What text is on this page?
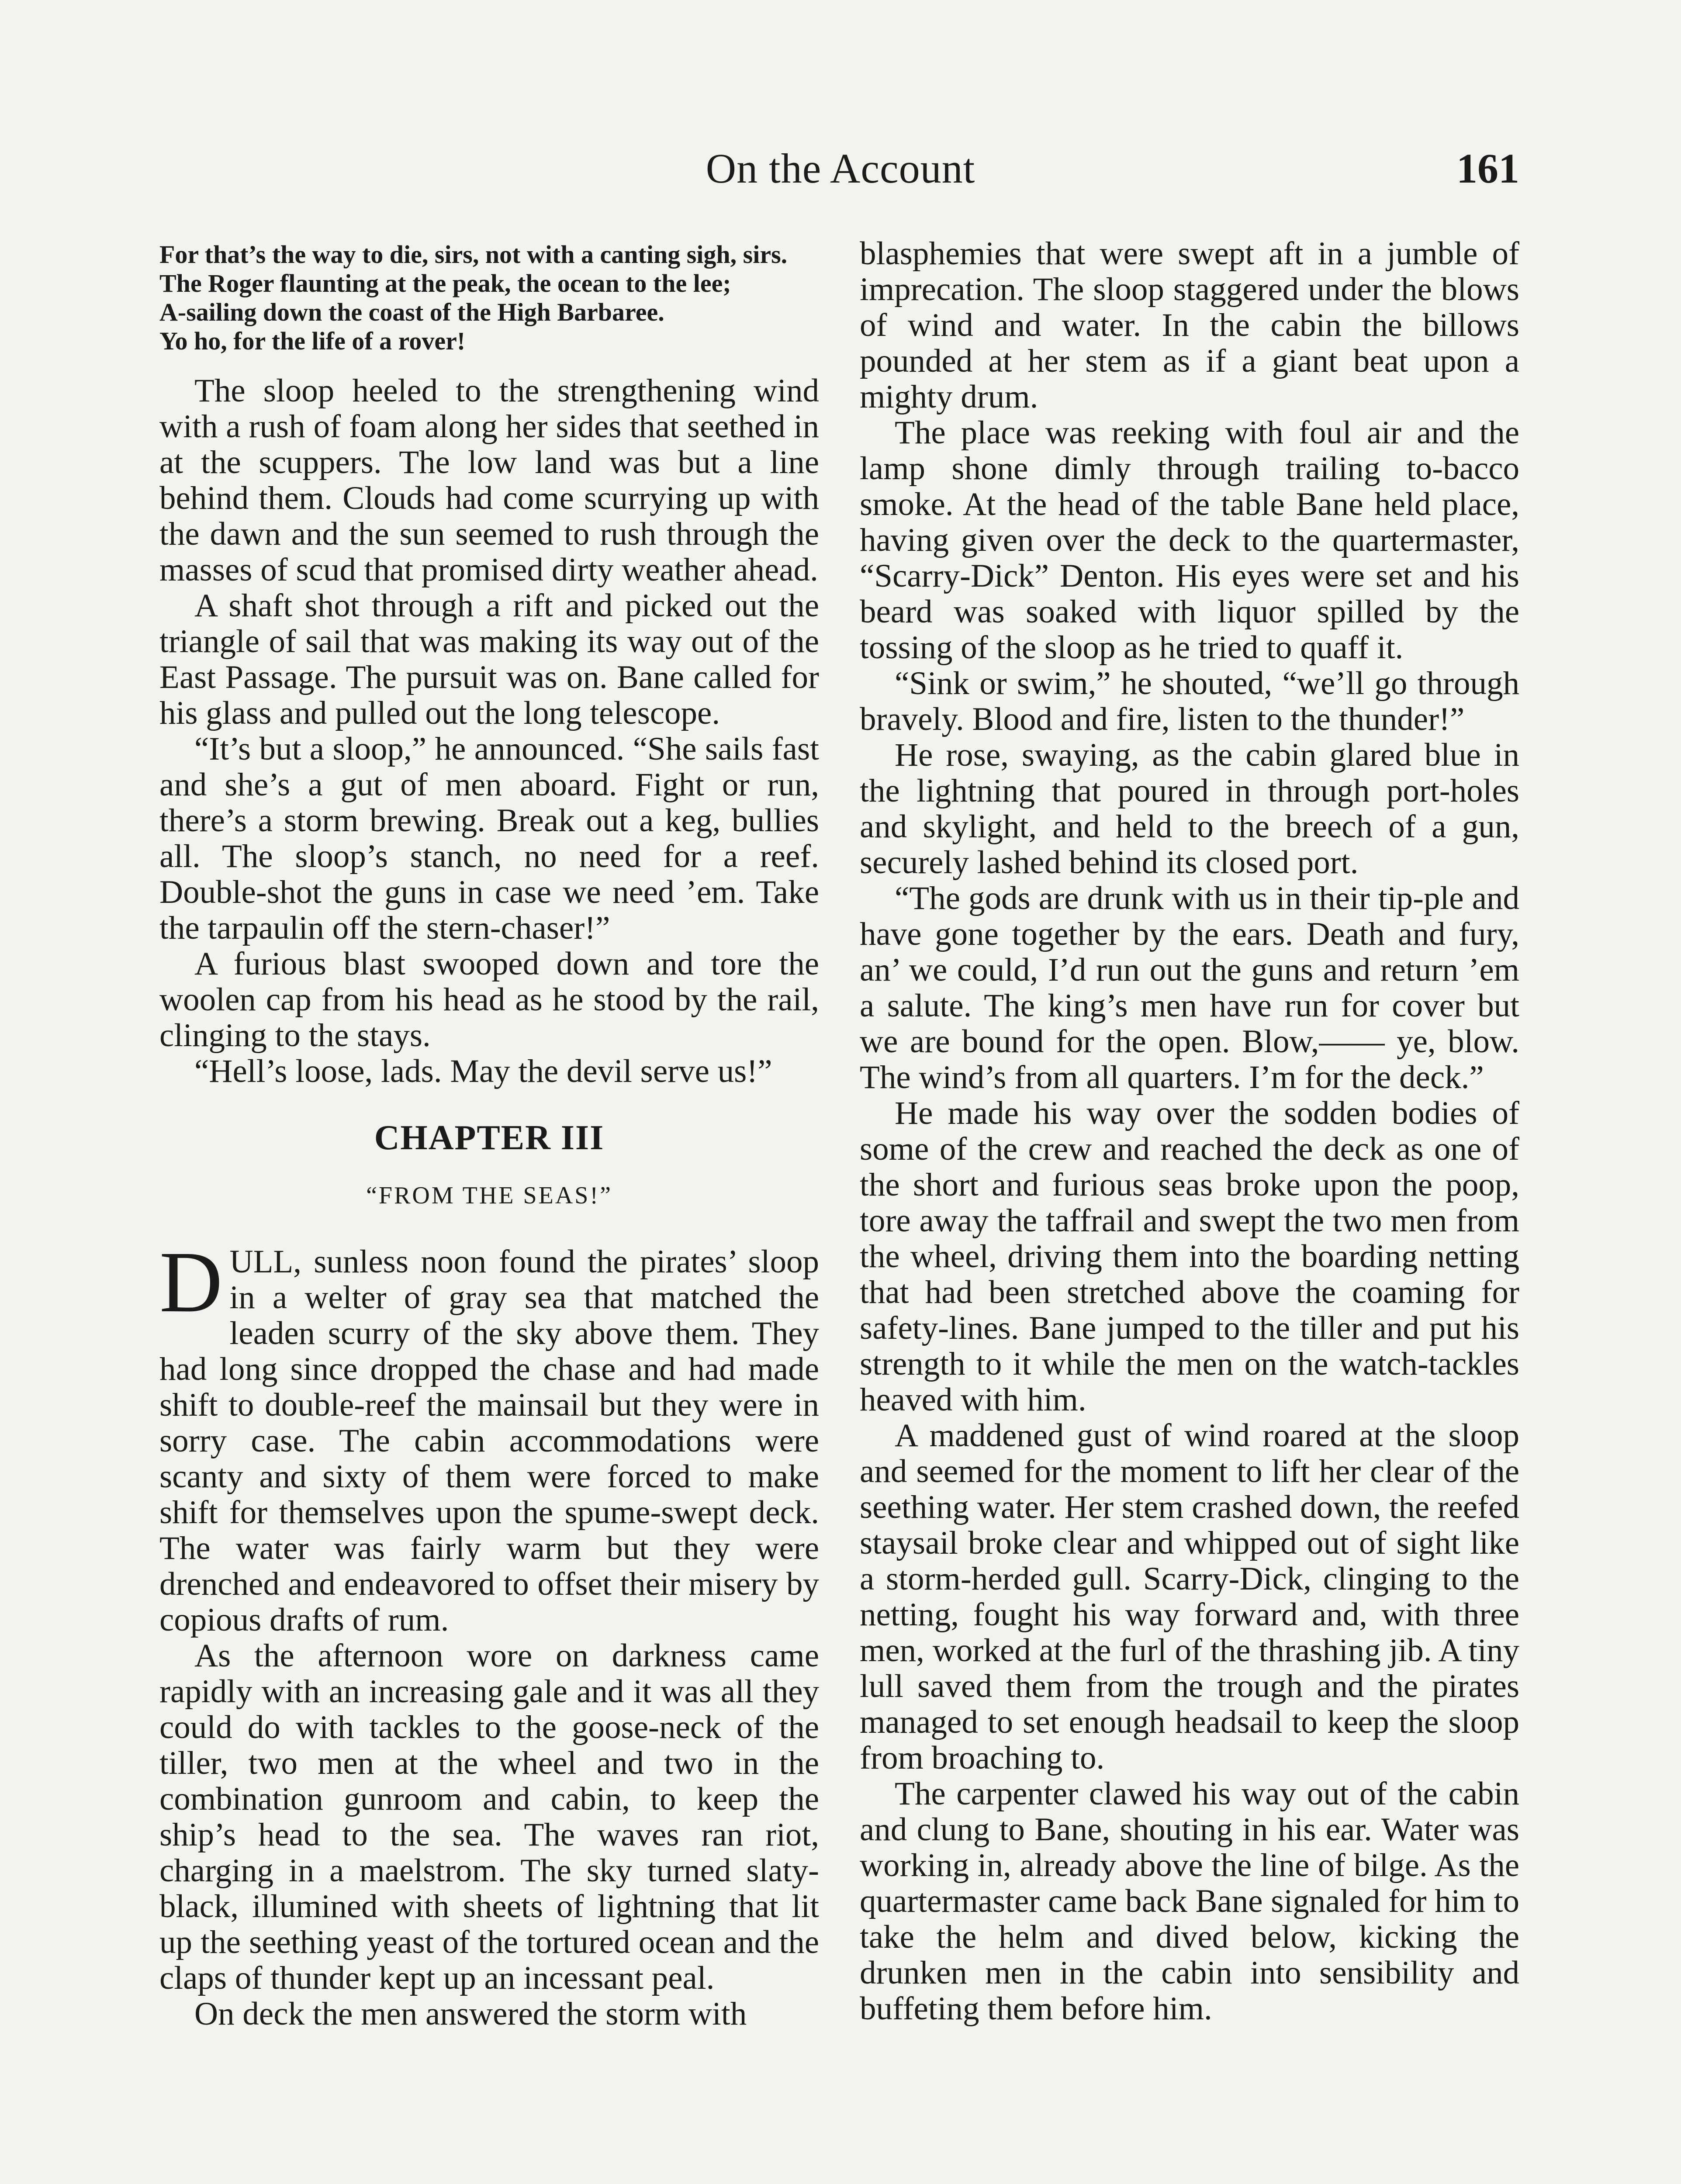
On the Account	161
For that’s the way to die, sirs, not with a canting sigh, sirs.
The Roger flaunting at the peak, the ocean to the lee;
A-sailing down the coast of the High Barbaree.
Yo ho, for the life of a rover!

The sloop heeled to the strengthening wind with a rush of foam along her sides that seethed in at the scuppers. The low land was but a line behind them. Clouds had come scurrying up with the dawn and the sun seemed to rush through the masses of scud that promised dirty weather ahead.

A shaft shot through a rift and picked out the triangle of sail that was making its way out of the East Passage. The pursuit was on. Bane called for his glass and pulled out the long telescope.

“It’s but a sloop,” he announced. “She sails fast and she’s a gut of men aboard. Fight or run, there’s a storm brewing. Break out a keg, bullies all. The sloop’s stanch, no need for a reef. Double-shot the guns in case we need ’em. Take the tarpaulin off the stern-chaser!”

A furious blast swooped down and tore the woolen cap from his head as he stood by the rail, clinging to the stays.

“Hell’s loose, lads. May the devil serve us!”

CHAPTER III
“FROM THE SEAS!”

DULL, sunless noon found the pirates’ sloop in a welter of gray sea that matched the leaden scurry of the sky above them. They had long since dropped the chase and had made shift to double-reef the mainsail but they were in sorry case. The cabin accommodations were scanty and sixty of them were forced to make shift for themselves upon the spume-swept deck. The water was fairly warm but they were drenched and endeavored to offset their misery by copious drafts of rum.

As the afternoon wore on darkness came rapidly with an increasing gale and it was all they could do with tackles to the goose-neck of the tiller, two men at the wheel and two in the combination gunroom and cabin, to keep the ship’s head to the sea. The waves ran riot, charging in a maelstrom. The sky turned slaty-black, illumined with sheets of lightning that lit up the seething yeast of the tortured ocean and the claps of thunder kept up an incessant peal.

On deck the men answered the storm with

blasphemies that were swept aft in a jumble of imprecation. The sloop staggered under the blows of wind and water. In the cabin the billows pounded at her stem as if a giant beat upon a mighty drum.

The place was reeking with foul air and the lamp shone dimly through trailing to-bacco smoke. At the head of the table Bane held place, having given over the deck to the quartermaster, “Scarry-Dick” Denton. His eyes were set and his beard was soaked with liquor spilled by the tossing of the sloop as he tried to quaff it.

“Sink or swim,” he shouted, “we’ll go through bravely. Blood and fire, listen to the thunder!”

He rose, swaying, as the cabin glared blue in the lightning that poured in through port-holes and skylight, and held to the breech of a gun, securely lashed behind its closed port.

“The gods are drunk with us in their tip-ple and have gone together by the ears. Death and fury, an’ we could, I’d run out the guns and return ’em a salute. The king’s men have run for cover but we are bound for the open. Blow,—— ye, blow. The wind’s from all quarters. I’m for the deck.”

He made his way over the sodden bodies of some of the crew and reached the deck as one of the short and furious seas broke upon the poop, tore away the taffrail and swept the two men from the wheel, driving them into the boarding netting that had been stretched above the coaming for safety-lines. Bane jumped to the tiller and put his strength to it while the men on the watch-tackles heaved with him.

A maddened gust of wind roared at the sloop and seemed for the moment to lift her clear of the seething water. Her stem crashed down, the reefed staysail broke clear and whipped out of sight like a storm-herded gull. Scarry-Dick, clinging to the netting, fought his way forward and, with three men, worked at the furl of the thrashing jib. A tiny lull saved them from the trough and the pirates managed to set enough headsail to keep the sloop from broaching to.

The carpenter clawed his way out of the cabin and clung to Bane, shouting in his ear. Water was working in, already above the line of bilge. As the quartermaster came back Bane signaled for him to take the helm and dived below, kicking the drunken men in the cabin into sensibility and buffeting them before him.
